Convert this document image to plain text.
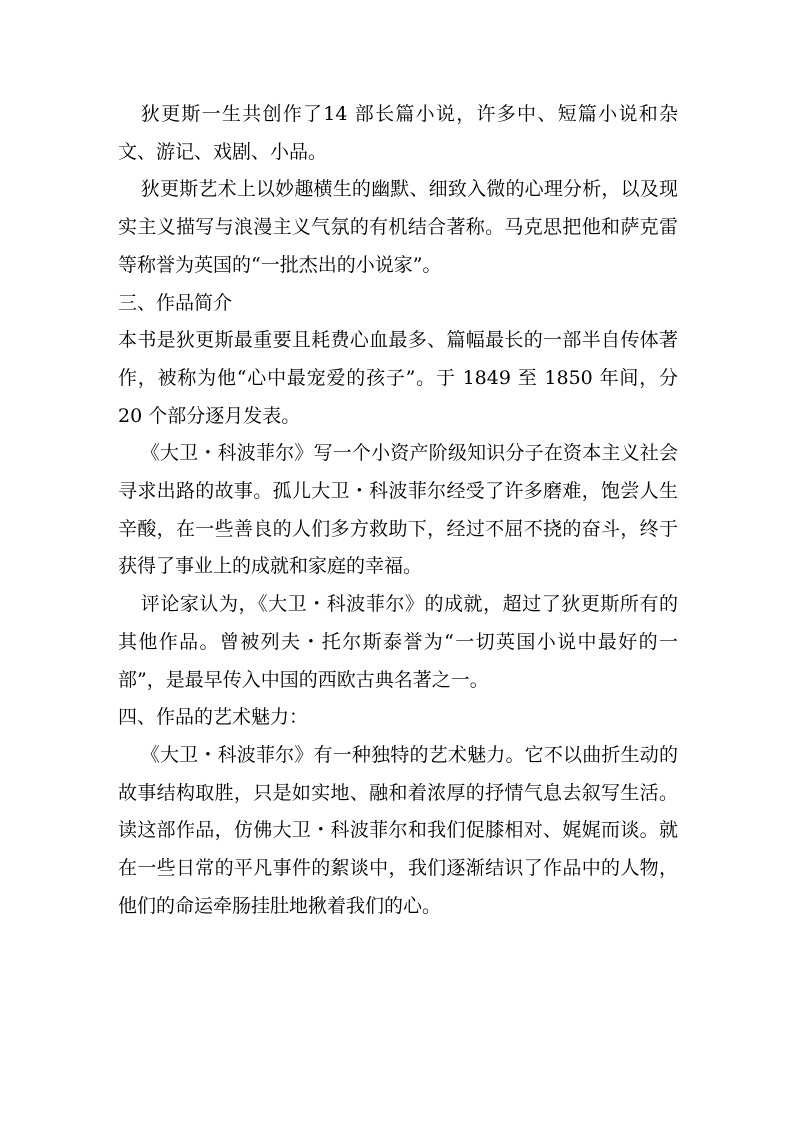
狄更斯一生共创作了14 部长篇小说，许多中、短篇小说和杂文、游记、戏剧、小品。

狄更斯艺术上以妙趣横生的幽默、细致入微的心理分析，以及现实主义描写与浪漫主义气氛的有机结合著称。马克思把他和萨克雷等称誉为英国的“一批杰出的小说家”。

三、作品简介

本书是狄更斯最重要且耗费心血最多、篇幅最长的一部半自传体著作，被称为他“心中最宠爱的孩子”。于 1849 至 1850 年间，分 20 个部分逐月发表。

《大卫・科波菲尔》写一个小资产阶级知识分子在资本主义社会寻求出路的故事。孤儿大卫・科波菲尔经受了许多磨难，饱尝人生辛酸，在一些善良的人们多方救助下，经过不屈不挠的奋斗，终于获得了事业上的成就和家庭的幸福。

评论家认为，《大卫・科波菲尔》的成就，超过了狄更斯所有的其他作品。曾被列夫・托尔斯泰誉为“一切英国小说中最好的一部”，是最早传入中国的西欧古典名著之一。

四、作品的艺术魅力：

《大卫・科波菲尔》有一种独特的艺术魅力。它不以曲折生动的故事结构取胜，只是如实地、融和着浓厚的抒情气息去叙写生活。读这部作品，仿佛大卫・科波菲尔和我们促膝相对、娓娓而谈。就在一些日常的平凡事件的絮谈中，我们逐渐结识了作品中的人物，他们的命运牵肠挂肚地揪着我们的心。
